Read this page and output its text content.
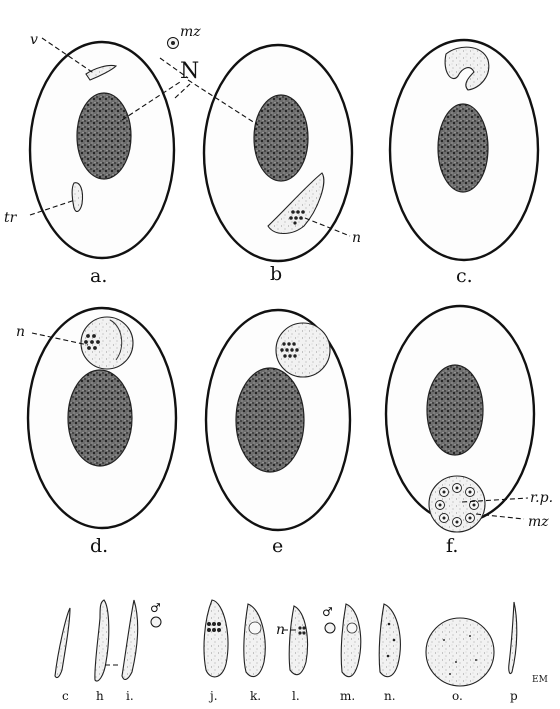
a.	b	c.
d.	e	f.
c h i.	j.	k.	l.	m. n.	o.	p
v	mz
N
tr
n
n
r.p.
mz
n
♂	♂
EM
